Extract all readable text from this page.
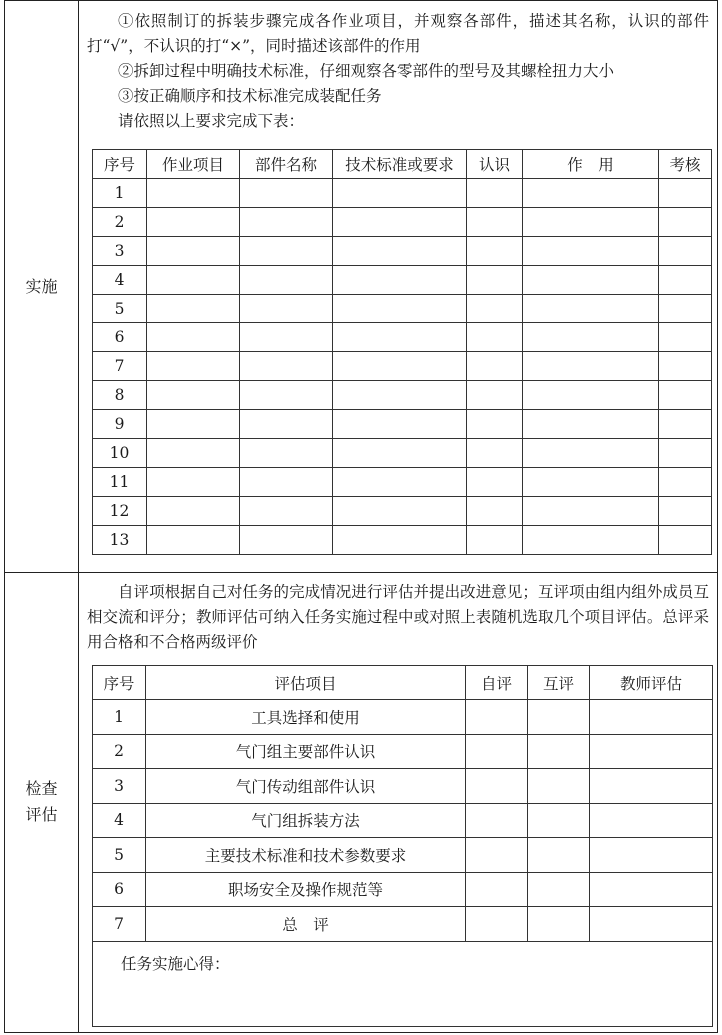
实施
检查
评估

①依照制订的拆装步骤完成各作业项目，并观察各部件，描述其名称，认识的部件打“√”，不认识的打“×”，同时描述该部件的作用

②拆卸过程中明确技术标准，仔细观察各零部件的型号及其螺栓扭力大小

③按正确顺序和技术标准完成装配任务

请依照以上要求完成下表：

序号	作业项目	部件名称	技术标准或要求	认识	作　用	考核
1						
2						
3						
4						
5						
6						
7						
8						
9						
10						
11						
12						
13						

自评项根据自己对任务的完成情况进行评估并提出改进意见；互评项由组内组外成员互相交流和评分；教师评估可纳入任务实施过程中或对照上表随机选取几个项目评估。总评采用合格和不合格两级评价

序号	评估项目	自评	互评	教师评估
1	工具选择和使用			
2	气门组主要部件认识			
3	气门传动组部件认识			
4	气门组拆装方法			
5	主要技术标准和技术参数要求			
6	职场安全及操作规范等			
7	总　评			
任务实施心得：				
